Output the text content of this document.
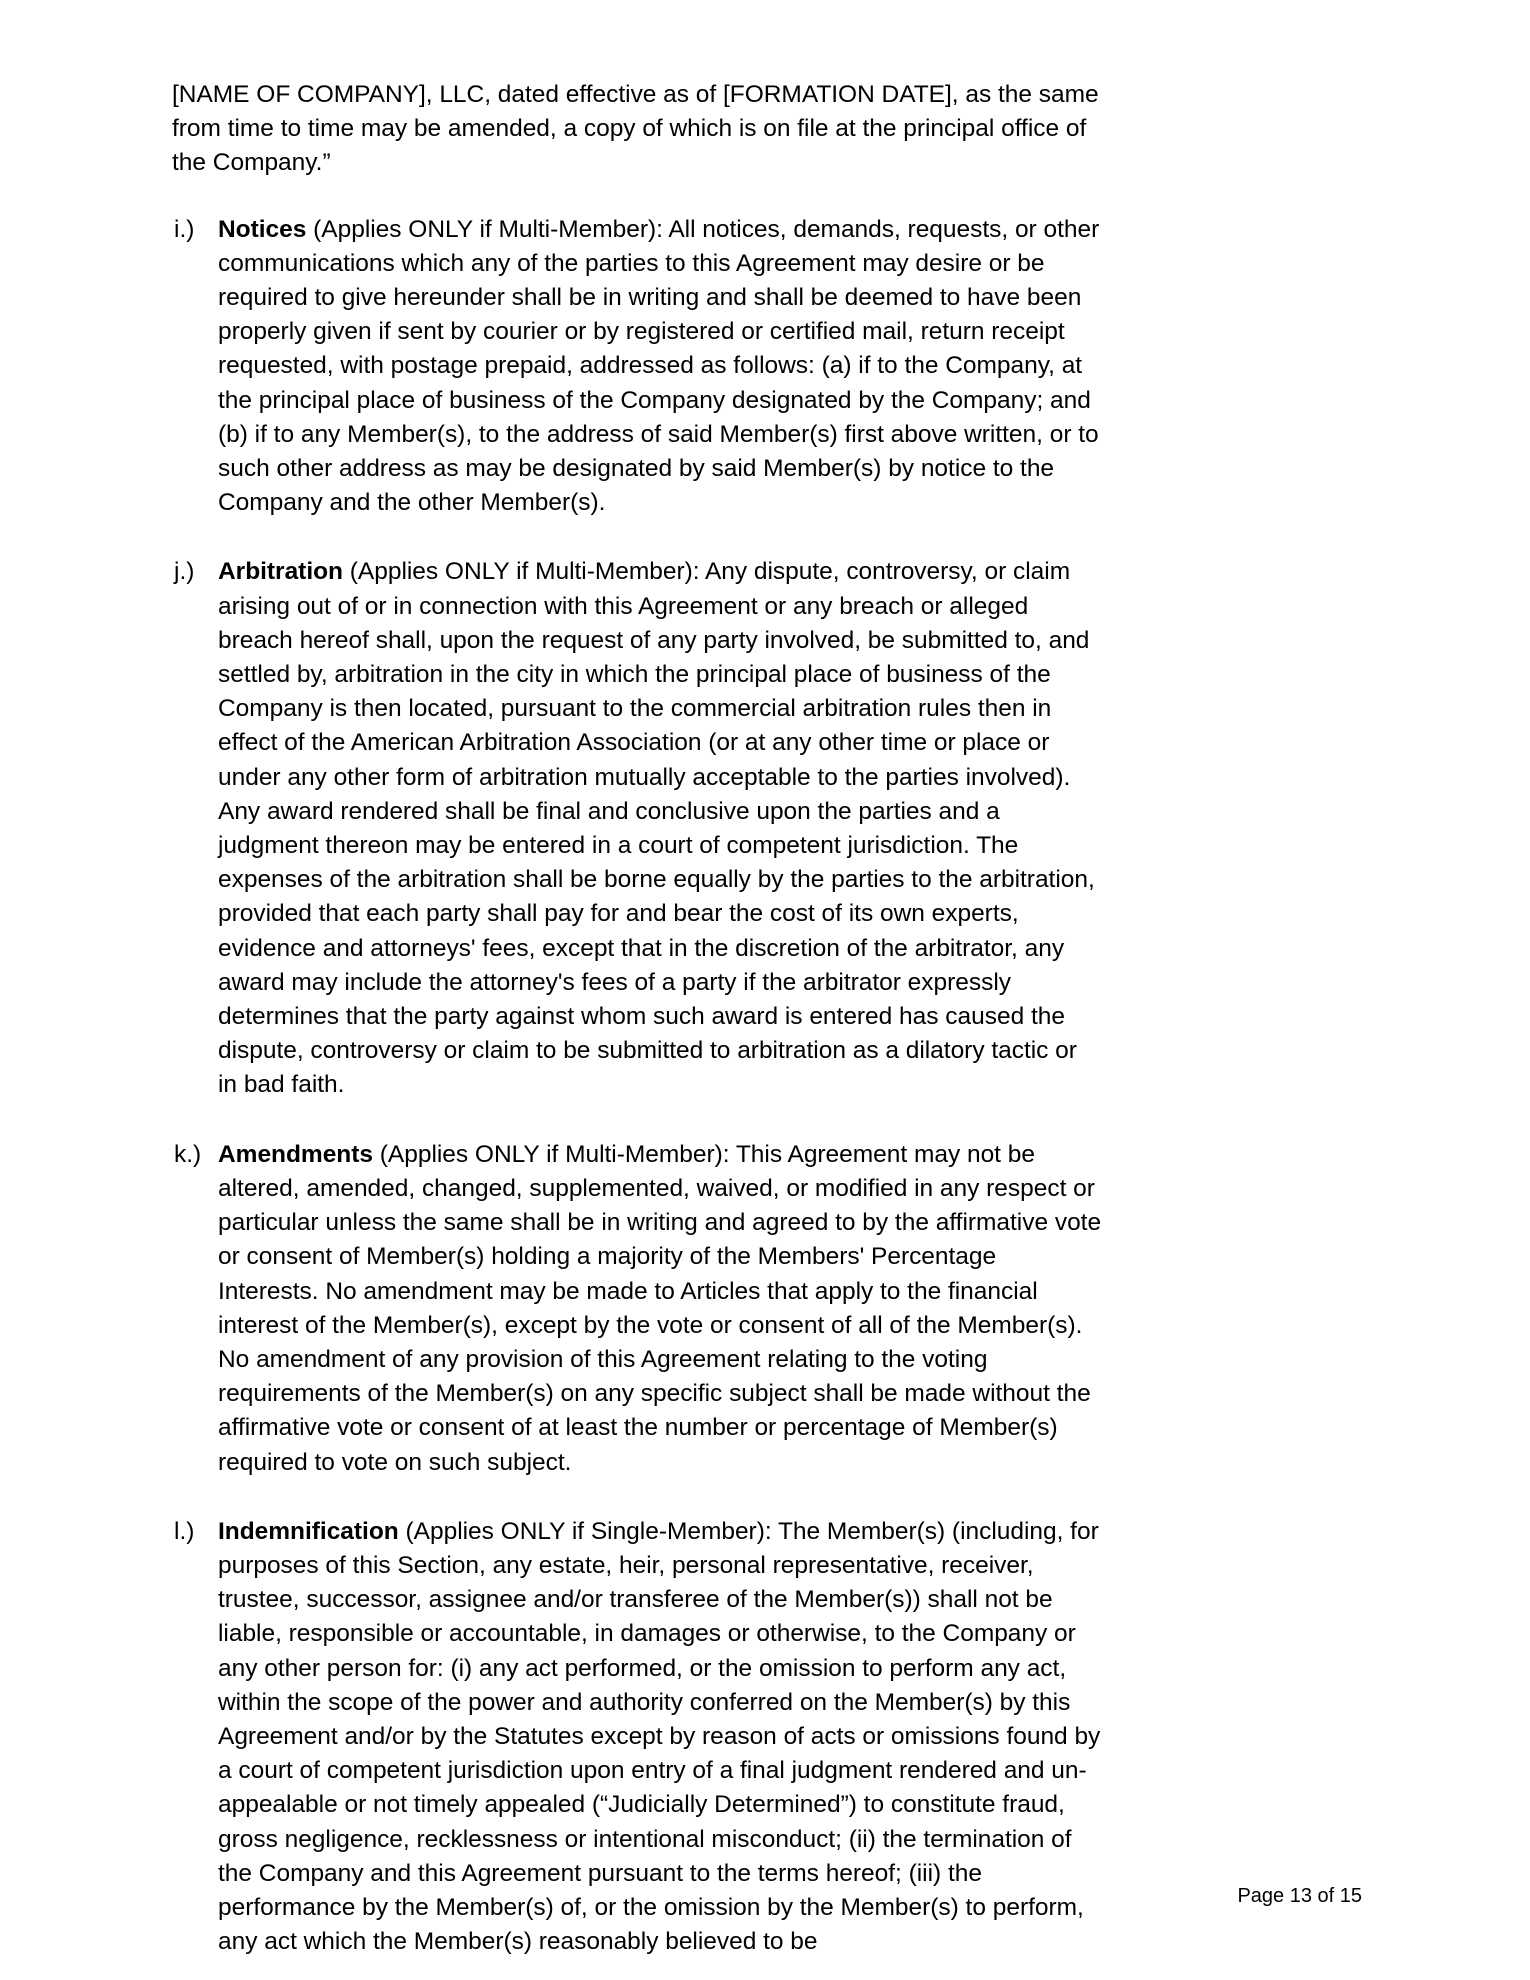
[NAME OF COMPANY], LLC, dated effective as of [FORMATION DATE], as the same from time to time may be amended, a copy of which is on file at the principal office of the Company.”

i.) Notices (Applies ONLY if Multi-Member): All notices, demands, requests, or other communications which any of the parties to this Agreement may desire or be required to give hereunder shall be in writing and shall be deemed to have been properly given if sent by courier or by registered or certified mail, return receipt requested, with postage prepaid, addressed as follows: (a) if to the Company, at the principal place of business of the Company designated by the Company; and (b) if to any Member(s), to the address of said Member(s) first above written, or to such other address as may be designated by said Member(s) by notice to the Company and the other Member(s).
j.) Arbitration (Applies ONLY if Multi-Member): Any dispute, controversy, or claim arising out of or in connection with this Agreement or any breach or alleged breach hereof shall, upon the request of any party involved, be submitted to, and settled by, arbitration in the city in which the principal place of business of the Company is then located, pursuant to the commercial arbitration rules then in effect of the American Arbitration Association (or at any other time or place or under any other form of arbitration mutually acceptable to the parties involved). Any award rendered shall be final and conclusive upon the parties and a judgment thereon may be entered in a court of competent jurisdiction. The expenses of the arbitration shall be borne equally by the parties to the arbitration, provided that each party shall pay for and bear the cost of its own experts, evidence and attorneys' fees, except that in the discretion of the arbitrator, any award may include the attorney's fees of a party if the arbitrator expressly determines that the party against whom such award is entered has caused the dispute, controversy or claim to be submitted to arbitration as a dilatory tactic or in bad faith.
k.) Amendments (Applies ONLY if Multi-Member): This Agreement may not be altered, amended, changed, supplemented, waived, or modified in any respect or particular unless the same shall be in writing and agreed to by the affirmative vote or consent of Member(s) holding a majority of the Members' Percentage Interests. No amendment may be made to Articles that apply to the financial interest of the Member(s), except by the vote or consent of all of the Member(s). No amendment of any provision of this Agreement relating to the voting requirements of the Member(s) on any specific subject shall be made without the affirmative vote or consent of at least the number or percentage of Member(s) required to vote on such subject.
l.) Indemnification (Applies ONLY if Single-Member): The Member(s) (including, for purposes of this Section, any estate, heir, personal representative, receiver, trustee, successor, assignee and/or transferee of the Member(s)) shall not be liable, responsible or accountable, in damages or otherwise, to the Company or any other person for: (i) any act performed, or the omission to perform any act, within the scope of the power and authority conferred on the Member(s) by this Agreement and/or by the Statutes except by reason of acts or omissions found by a court of competent jurisdiction upon entry of a final judgment rendered and un-appealable or not timely appealed (“Judicially Determined”) to constitute fraud, gross negligence, recklessness or intentional misconduct; (ii) the termination of the Company and this Agreement pursuant to the terms hereof; (iii) the performance by the Member(s) of, or the omission by the Member(s) to perform, any act which the Member(s) reasonably believed to be
Page 13 of 15
